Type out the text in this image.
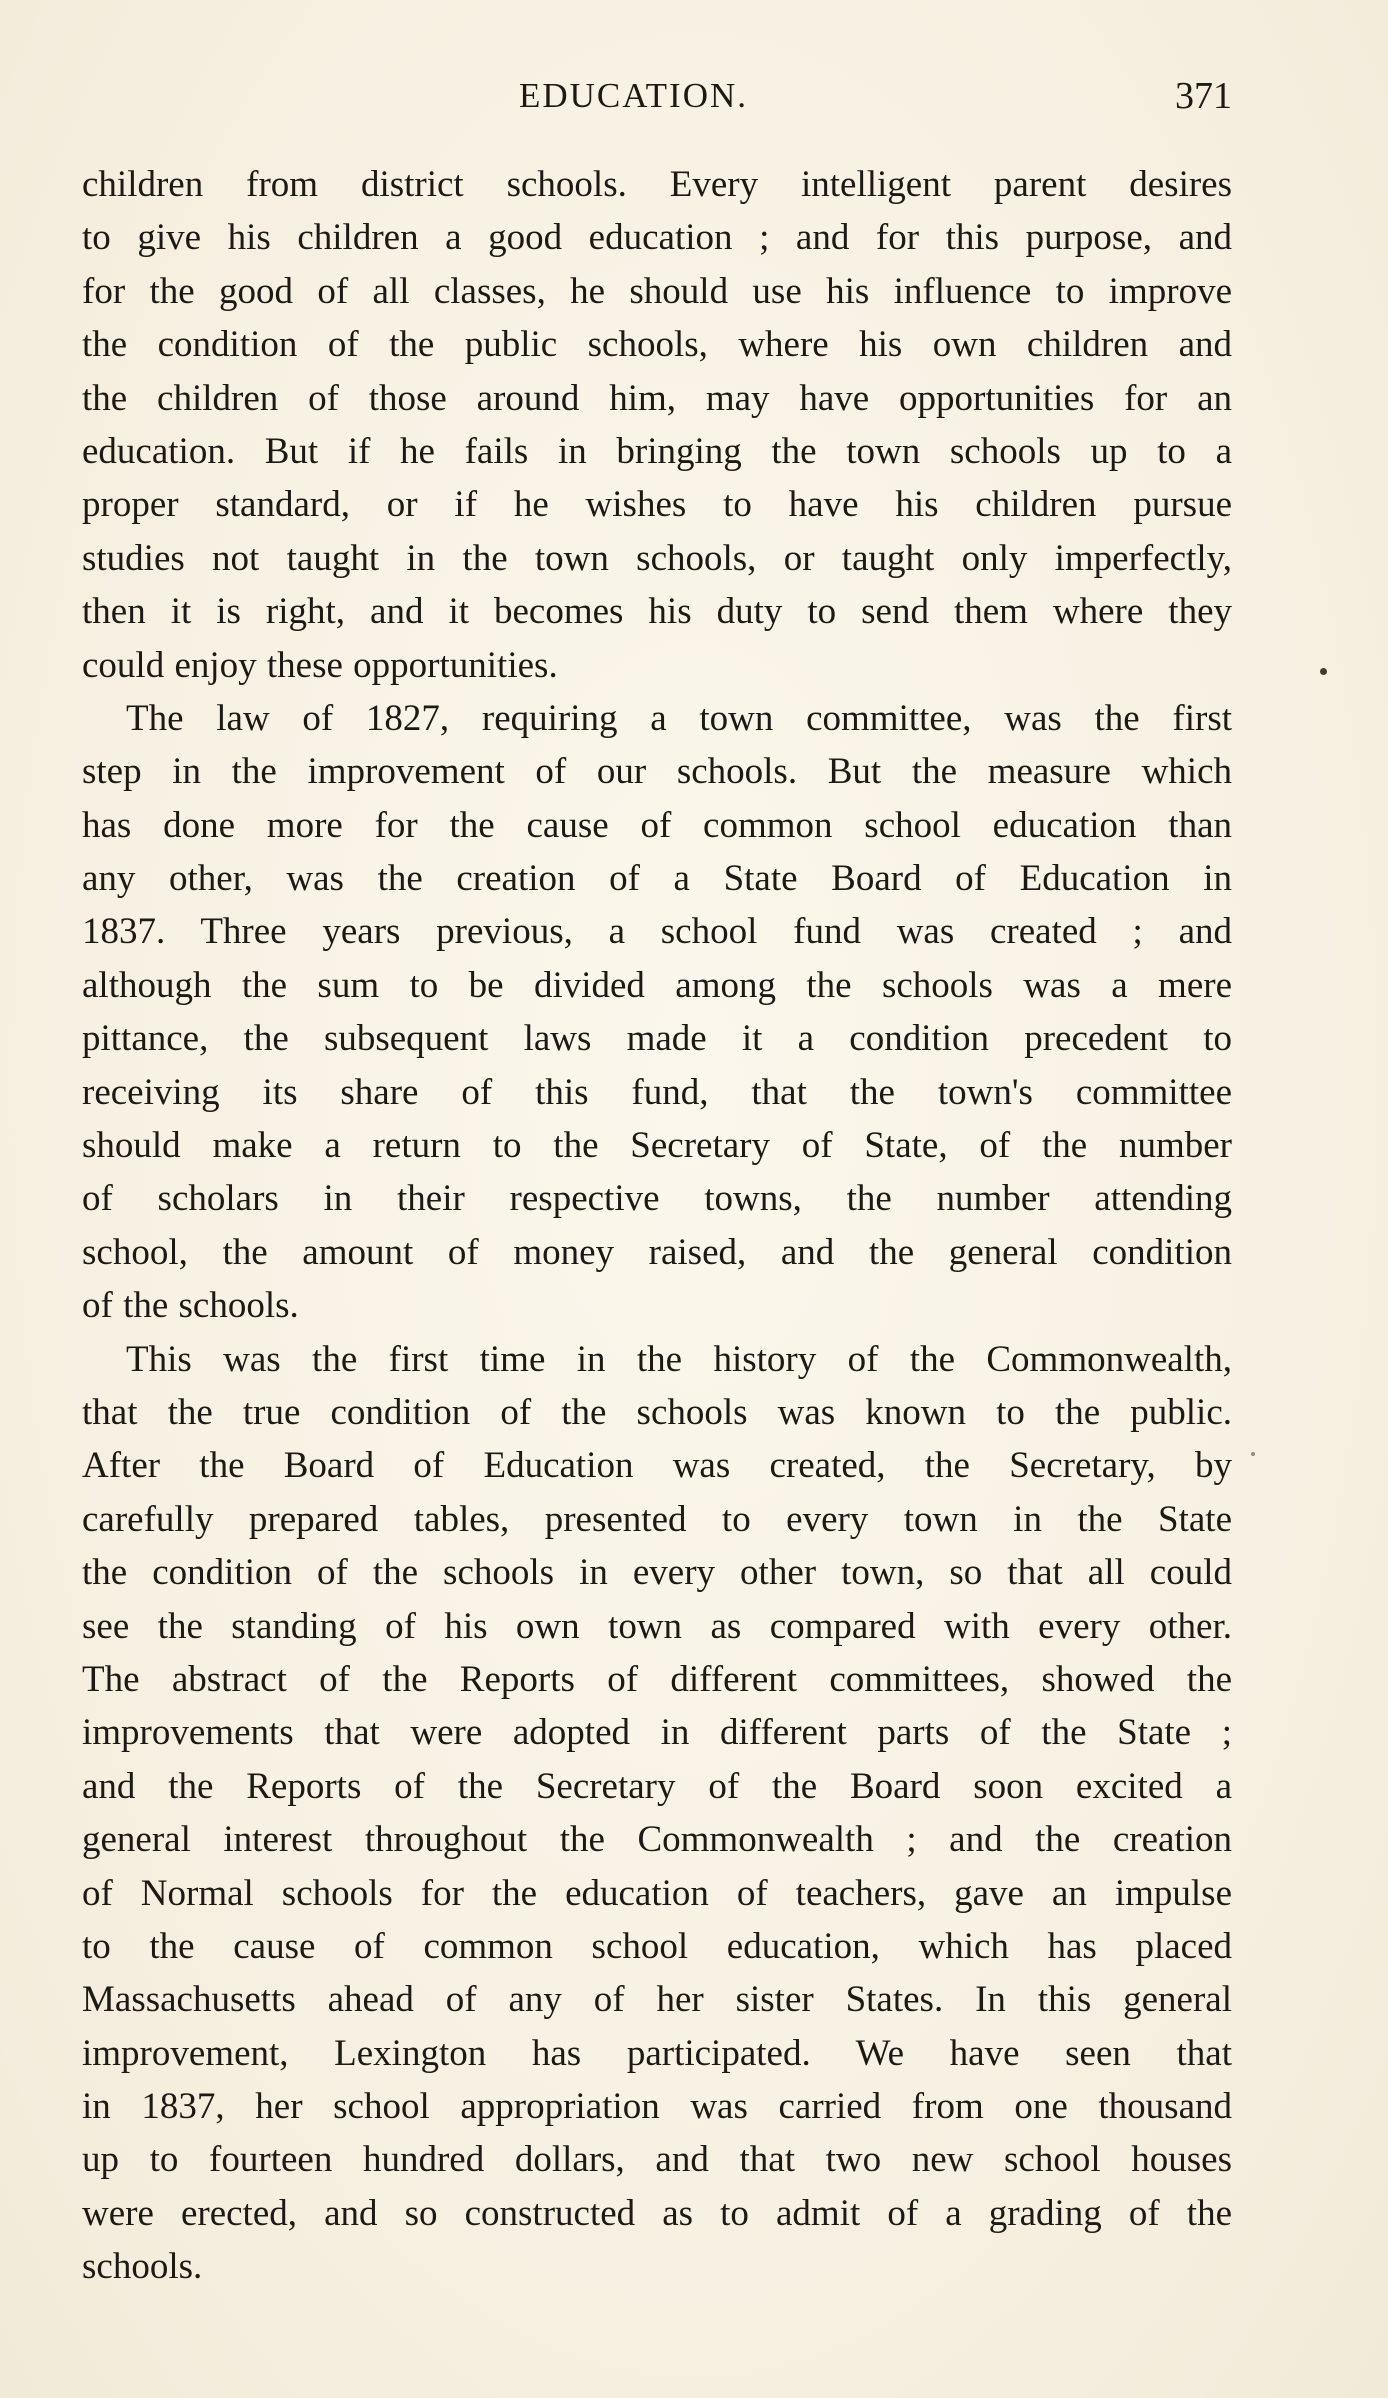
EDUCATION.	371
children from district schools. Every intelligent parent desires
to give his children a good education ; and for this purpose, and
for the good of all classes, he should use his influence to improve
the condition of the public schools, where his own children and
the children of those around him, may have opportunities for an
education. But if he fails in bringing the town schools up to a
proper standard, or if he wishes to have his children pursue
studies not taught in the town schools, or taught only imperfectly,
then it is right, and it becomes his duty to send them where they
could enjoy these opportunities.
The law of 1827, requiring a town committee, was the first
step in the improvement of our schools. But the measure which
has done more for the cause of common school education than
any other, was the creation of a State Board of Education in
1837. Three years previous, a school fund was created ; and
although the sum to be divided among the schools was a mere
pittance, the subsequent laws made it a condition precedent to
receiving its share of this fund, that the town's committee
should make a return to the Secretary of State, of the number
of scholars in their respective towns, the number attending
school, the amount of money raised, and the general condition
of the schools.
This was the first time in the history of the Commonwealth,
that the true condition of the schools was known to the public.
After the Board of Education was created, the Secretary, by
carefully prepared tables, presented to every town in the State
the condition of the schools in every other town, so that all could
see the standing of his own town as compared with every other.
The abstract of the Reports of different committees, showed the
improvements that were adopted in different parts of the State ;
and the Reports of the Secretary of the Board soon excited a
general interest throughout the Commonwealth ; and the creation
of Normal schools for the education of teachers, gave an impulse
to the cause of common school education, which has placed
Massachusetts ahead of any of her sister States. In this general
improvement, Lexington has participated. We have seen that
in 1837, her school appropriation was carried from one thousand
up to fourteen hundred dollars, and that two new school houses
were erected, and so constructed as to admit of a grading of the
schools.
